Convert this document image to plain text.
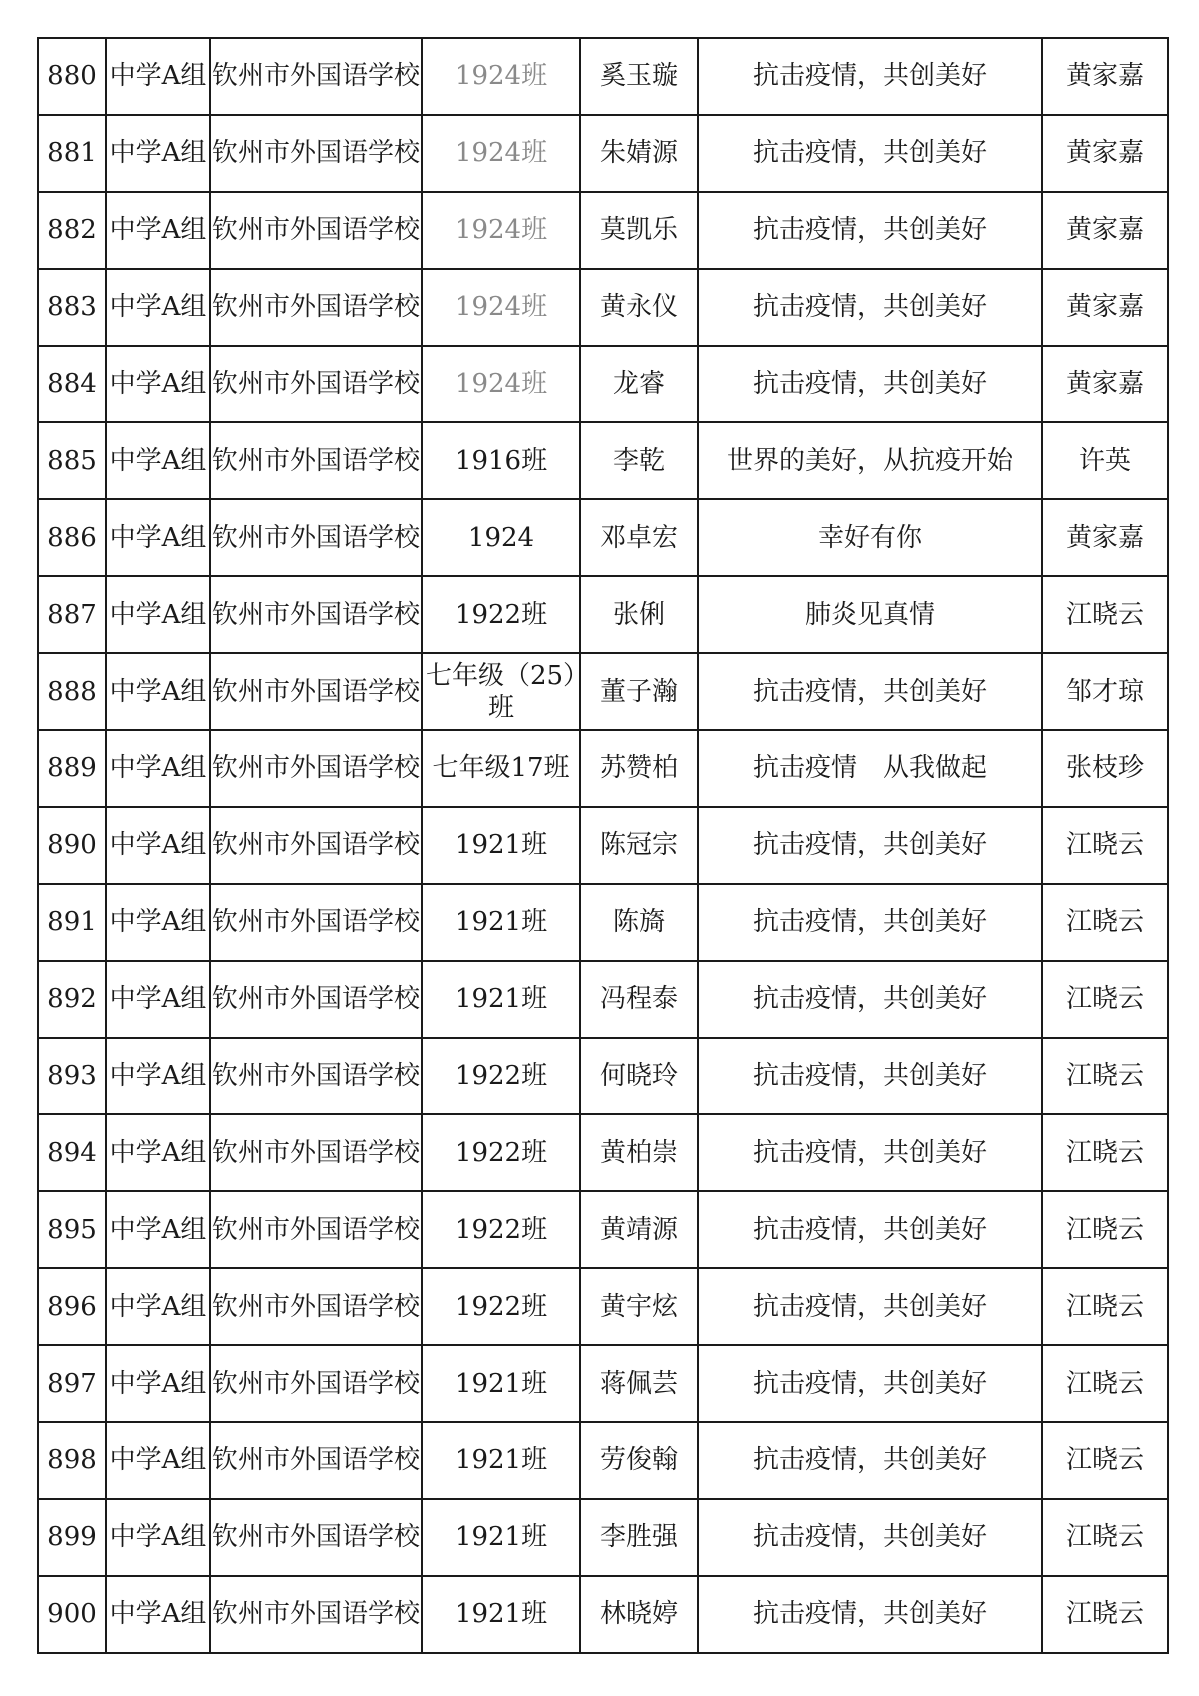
880	中学A组	钦州市外国语学校	1924班	奚玉璇	抗击疫情，共创美好	黄家嘉
881	中学A组	钦州市外国语学校	1924班	朱婧源	抗击疫情，共创美好	黄家嘉
882	中学A组	钦州市外国语学校	1924班	莫凯乐	抗击疫情，共创美好	黄家嘉
883	中学A组	钦州市外国语学校	1924班	黄永仪	抗击疫情，共创美好	黄家嘉
884	中学A组	钦州市外国语学校	1924班	龙睿	抗击疫情，共创美好	黄家嘉
885	中学A组	钦州市外国语学校	1916班	李乾	世界的美好，从抗疫开始	许英
886	中学A组	钦州市外国语学校	1924	邓卓宏	幸好有你	黄家嘉
887	中学A组	钦州市外国语学校	1922班	张俐	肺炎见真情	江晓云
888	中学A组	钦州市外国语学校	七年级（25）班	董子瀚	抗击疫情，共创美好	邹才琼
889	中学A组	钦州市外国语学校	七年级17班	苏赞柏	抗击疫情　从我做起	张枝珍
890	中学A组	钦州市外国语学校	1921班	陈冠宗	抗击疫情，共创美好	江晓云
891	中学A组	钦州市外国语学校	1921班	陈旖	抗击疫情，共创美好	江晓云
892	中学A组	钦州市外国语学校	1921班	冯程泰	抗击疫情，共创美好	江晓云
893	中学A组	钦州市外国语学校	1922班	何晓玲	抗击疫情，共创美好	江晓云
894	中学A组	钦州市外国语学校	1922班	黄柏崇	抗击疫情，共创美好	江晓云
895	中学A组	钦州市外国语学校	1922班	黄靖源	抗击疫情，共创美好	江晓云
896	中学A组	钦州市外国语学校	1922班	黄宇炫	抗击疫情，共创美好	江晓云
897	中学A组	钦州市外国语学校	1921班	蒋佩芸	抗击疫情，共创美好	江晓云
898	中学A组	钦州市外国语学校	1921班	劳俊翰	抗击疫情，共创美好	江晓云
899	中学A组	钦州市外国语学校	1921班	李胜强	抗击疫情，共创美好	江晓云
900	中学A组	钦州市外国语学校	1921班	林晓婷	抗击疫情，共创美好	江晓云
